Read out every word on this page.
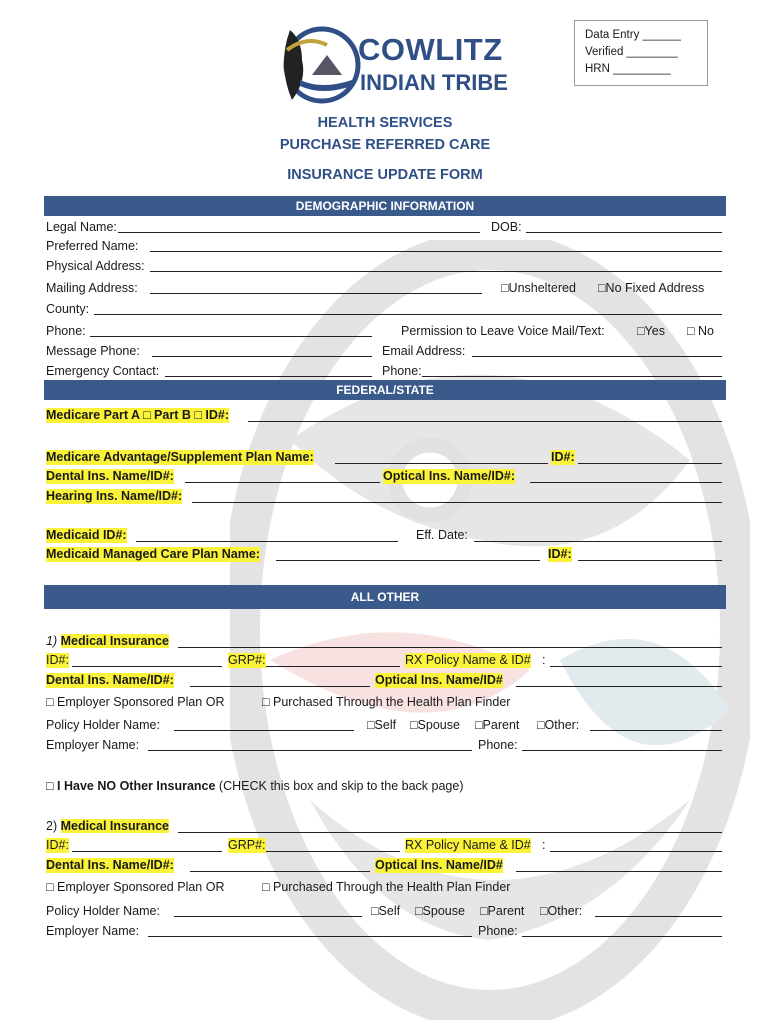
COWLITZ
INDIAN TRIBE
Data Entry ______
Verified ________
HRN _________
HEALTH SERVICES
PURCHASE REFERRED CARE
INSURANCE UPDATE FORM
DEMOGRAPHIC INFORMATION
Legal Name:	DOB:
Preferred Name:
Physical Address:
Mailing Address:	□Unsheltered □No Fixed Address
County:
Phone:	Permission to Leave Voice Mail/Text:	□Yes □ No
Message Phone:	Email Address:
Emergency Contact:	Phone:
FEDERAL/STATE
Medicare Part A □ Part B □ ID#:
Medicare Advantage/Supplement Plan Name:	ID#:
Dental Ins. Name/ID#:	Optical Ins. Name/ID#:
Hearing Ins. Name/ID#:
Medicaid ID#:	Eff. Date:
Medicaid Managed Care Plan Name:	ID#:
ALL OTHER
1) Medical Insurance
ID#:	GRP#:	RX Policy Name & ID# :
Dental Ins. Name/ID#:	Optical Ins. Name/ID#
□ Employer Sponsored Plan OR	□ Purchased Through the Health Plan Finder
Policy Holder Name:	□Self □Spouse □Parent □Other:
Employer Name:	Phone:
□ I Have NO Other Insurance (CHECK this box and skip to the back page)
2) Medical Insurance
ID#:	GRP#:	RX Policy Name & ID# :
Dental Ins. Name/ID#:	Optical Ins. Name/ID#
□ Employer Sponsored Plan OR	□ Purchased Through the Health Plan Finder
Policy Holder Name:	□Self □Spouse □Parent □Other:
Employer Name:	Phone:
